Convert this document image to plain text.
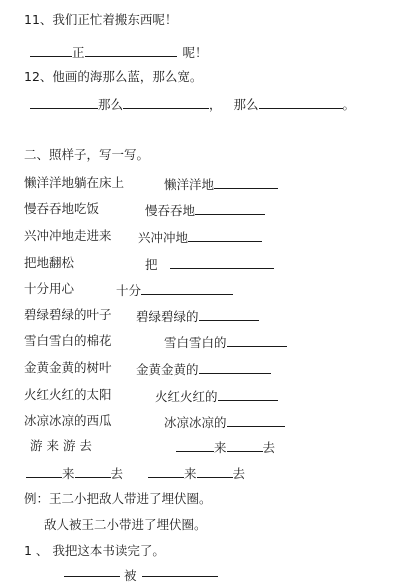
11、我们正忙着搬东西呢！
正	呢！
12、他画的海那么蓝，那么宽。
那么	， 那么	。
二、照样子，写一写。
懒洋洋地躺在床上	懒洋洋地
慢吞吞地吃饭	慢吞吞地
兴冲冲地走进来 兴冲冲地
把地翻松	把
十分用心	十分
碧绿碧绿的叶子 碧绿碧绿的
雪白雪白的棉花	雪白雪白的
金黄金黄的树叶 金黄金黄的
火红火红的太阳	火红火红的
冰凉冰凉的西瓜	冰凉冰凉的
游 来 游 去	来	去
来	去	来	去
例：王二小把敌人带进了埋伏圈。
敌人被王二小带进了埋伏圈。
1 、 我把这本书读完了。
被
